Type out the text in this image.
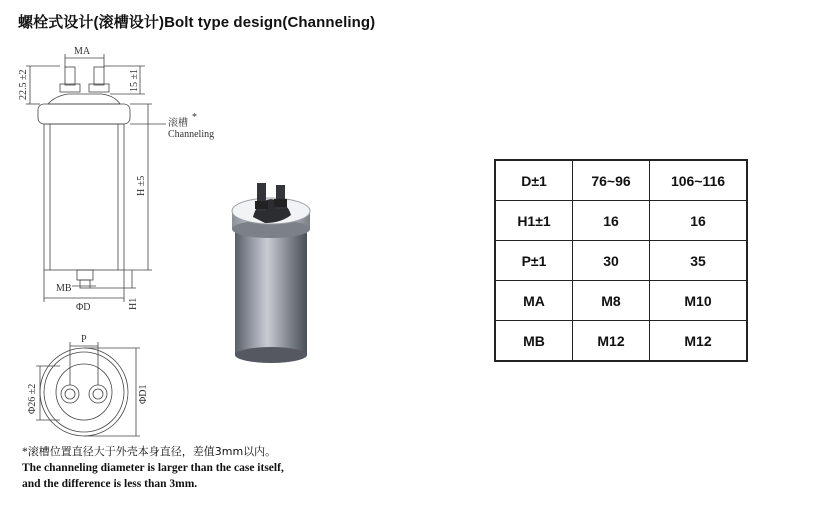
螺栓式设计(滚槽设计)Bolt type design(Channeling)
MA
22.5 ±2	15 ±1
滚槽
*
Channeling
H ±5
MB
ΦD	H1
P
Φ26 ±2	ΦD1
D±1	76~96	106~116
H1±1	16	16
P±1	30	35
MA	M8	M10
MB	M12	M12
*滚槽位置直径大于外壳本身直径，差值3mm以内。
The channeling diameter is larger than the case itself,
and the difference is less than 3mm.
